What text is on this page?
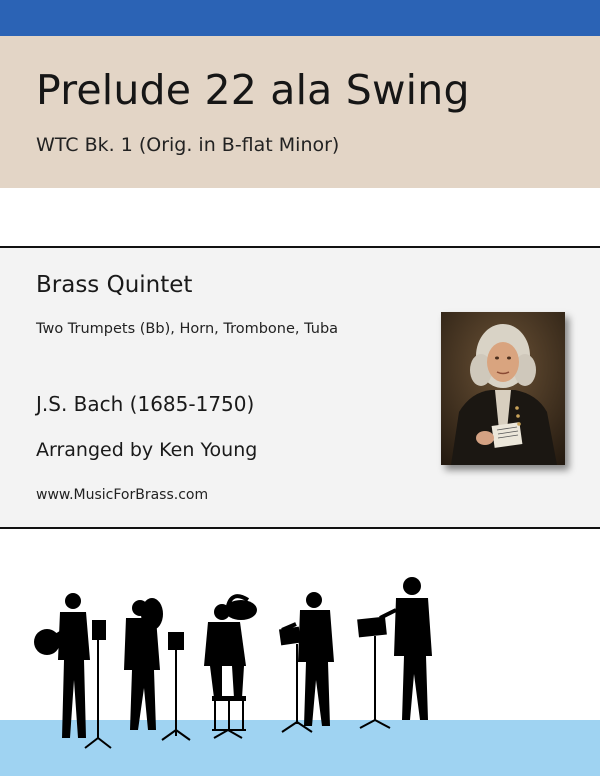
Prelude 22 ala Swing
WTC Bk. 1 (Orig. in B-flat Minor)
Brass Quintet
Two Trumpets (Bb), Horn, Trombone, Tuba
J.S. Bach (1685-1750)
Arranged by Ken Young
www.MusicForBrass.com
